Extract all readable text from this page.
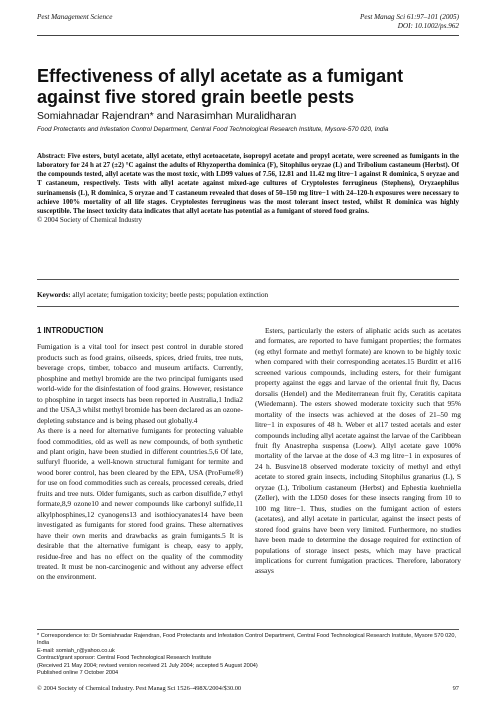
Pest Management Science	Pest Manag Sci 61:97–101 (2005)
DOI: 10.1002/ps.962
Effectiveness of allyl acetate as a fumigant against five stored grain beetle pests
Somiahnadar Rajendran* and Narasimhan Muralidharan
Food Protectants and Infestation Control Department, Central Food Technological Research Institute, Mysore-570 020, India
Abstract: Five esters, butyl acetate, allyl acetate, ethyl acetoacetate, isopropyl acetate and propyl acetate, were screened as fumigants in the laboratory for 24 h at 27 (±2) °C against the adults of Rhyzopertha dominica (F), Sitophilus oryzae (L) and Tribolium castaneum (Herbst). Of the compounds tested, allyl acetate was the most toxic, with LD99 values of 7.56, 12.81 and 11.42 mg litre−1 against R dominica, S oryzae and T castaneum, respectively. Tests with allyl acetate against mixed-age cultures of Cryptolestes ferrugineus (Stephens), Oryzaephilus surinamensis (L), R dominica, S oryzae and T castaneum revealed that doses of 50–150 mg litre−1 with 24–120-h exposures were necessary to achieve 100% mortality of all life stages. Cryptolestes ferrugineus was the most tolerant insect tested, whilst R dominica was highly susceptible. The insect toxicity data indicates that allyl acetate has potential as a fumigant of stored food grains.
© 2004 Society of Chemical Industry
Keywords: allyl acetate; fumigation toxicity; beetle pests; population extinction
1 INTRODUCTION

Fumigation is a vital tool for insect pest control in durable stored products such as food grains, oilseeds, spices, dried fruits, tree nuts, beverage crops, timber, tobacco and museum artifacts. Currently, phosphine and methyl bromide are the two principal fumigants used world-wide for the disinfestation of food grains. However, resistance to phosphine in target insects has been reported in Australia,1 India2 and the USA,3 whilst methyl bromide has been declared as an ozone-depleting substance and is being phased out globally.4

As there is a need for alternative fumigants for protecting valuable food commodities, old as well as new compounds, of both synthetic and plant origin, have been studied in different countries.5,6 Of late, sulfuryl fluoride, a well-known structural fumigant for termite and wood borer control, has been cleared by the EPA, USA (ProFume®) for use on food commodities such as cereals, processed cereals, dried fruits and tree nuts. Older fumigants, such as carbon disulfide,7 ethyl formate,8,9 ozone10 and newer compounds like carbonyl sulfide,11 alkylphosphines,12 cyanogens13 and isothiocyanates14 have been investigated as fumigants for stored food grains. These alternatives have their own merits and drawbacks as grain fumigants.5 It is desirable that the alternative fumigant is cheap, easy to apply, residue-free and has no effect on the quality of the commodity treated. It must be non-carcinogenic and without any adverse effect on the environment.

Esters, particularly the esters of aliphatic acids such as acetates and formates, are reported to have fumigant properties; the formates (eg ethyl formate and methyl formate) are known to be highly toxic when compared with their corresponding acetates.15 Burditt et al16 screened various compounds, including esters, for their fumigant property against the eggs and larvae of the oriental fruit fly, Dacus dorsalis (Hendel) and the Mediterranean fruit fly, Ceratitis capitata (Wiedemann). The esters showed moderate toxicity such that 95% mortality of the insects was achieved at the doses of 21–50 mg litre−1 in exposures of 48 h. Weber et al17 tested acetals and ester compounds including allyl acetate against the larvae of the Caribbean fruit fly Anastrepha suspensa (Loew). Allyl acetate gave 100% mortality of the larvae at the dose of 4.3 mg litre−1 in exposures of 24 h. Busvine18 observed moderate toxicity of methyl and ethyl acetate to stored grain insects, including Sitophilus granarius (L), S oryzae (L), Tribolium castaneum (Herbst) and Ephestia kuehniella (Zeller), with the LD50 doses for these insects ranging from 10 to 100 mg litre−1. Thus, studies on the fumigant action of esters (acetates), and allyl acetate in particular, against the insect pests of stored food grains have been very limited. Furthermore, no studies have been made to determine the dosage required for extinction of populations of storage insect pests, which may have practical implications for current fumigation practices. Therefore, laboratory assays

* Correspondence to: Dr Somiahnadar Rajendran, Food Protectants and Infestation Control Department, Central Food Technological Research Institute, Mysore 570 020, India
E-mail: somiah_r@yahoo.co.uk
Contract/grant sponsor: Central Food Technological Research Institute
(Received 21 May 2004; revised version received 21 July 2004; accepted 5 August 2004)
Published online 7 October 2004
© 2004 Society of Chemical Industry. Pest Manag Sci 1526–498X/2004/$30.00	97
